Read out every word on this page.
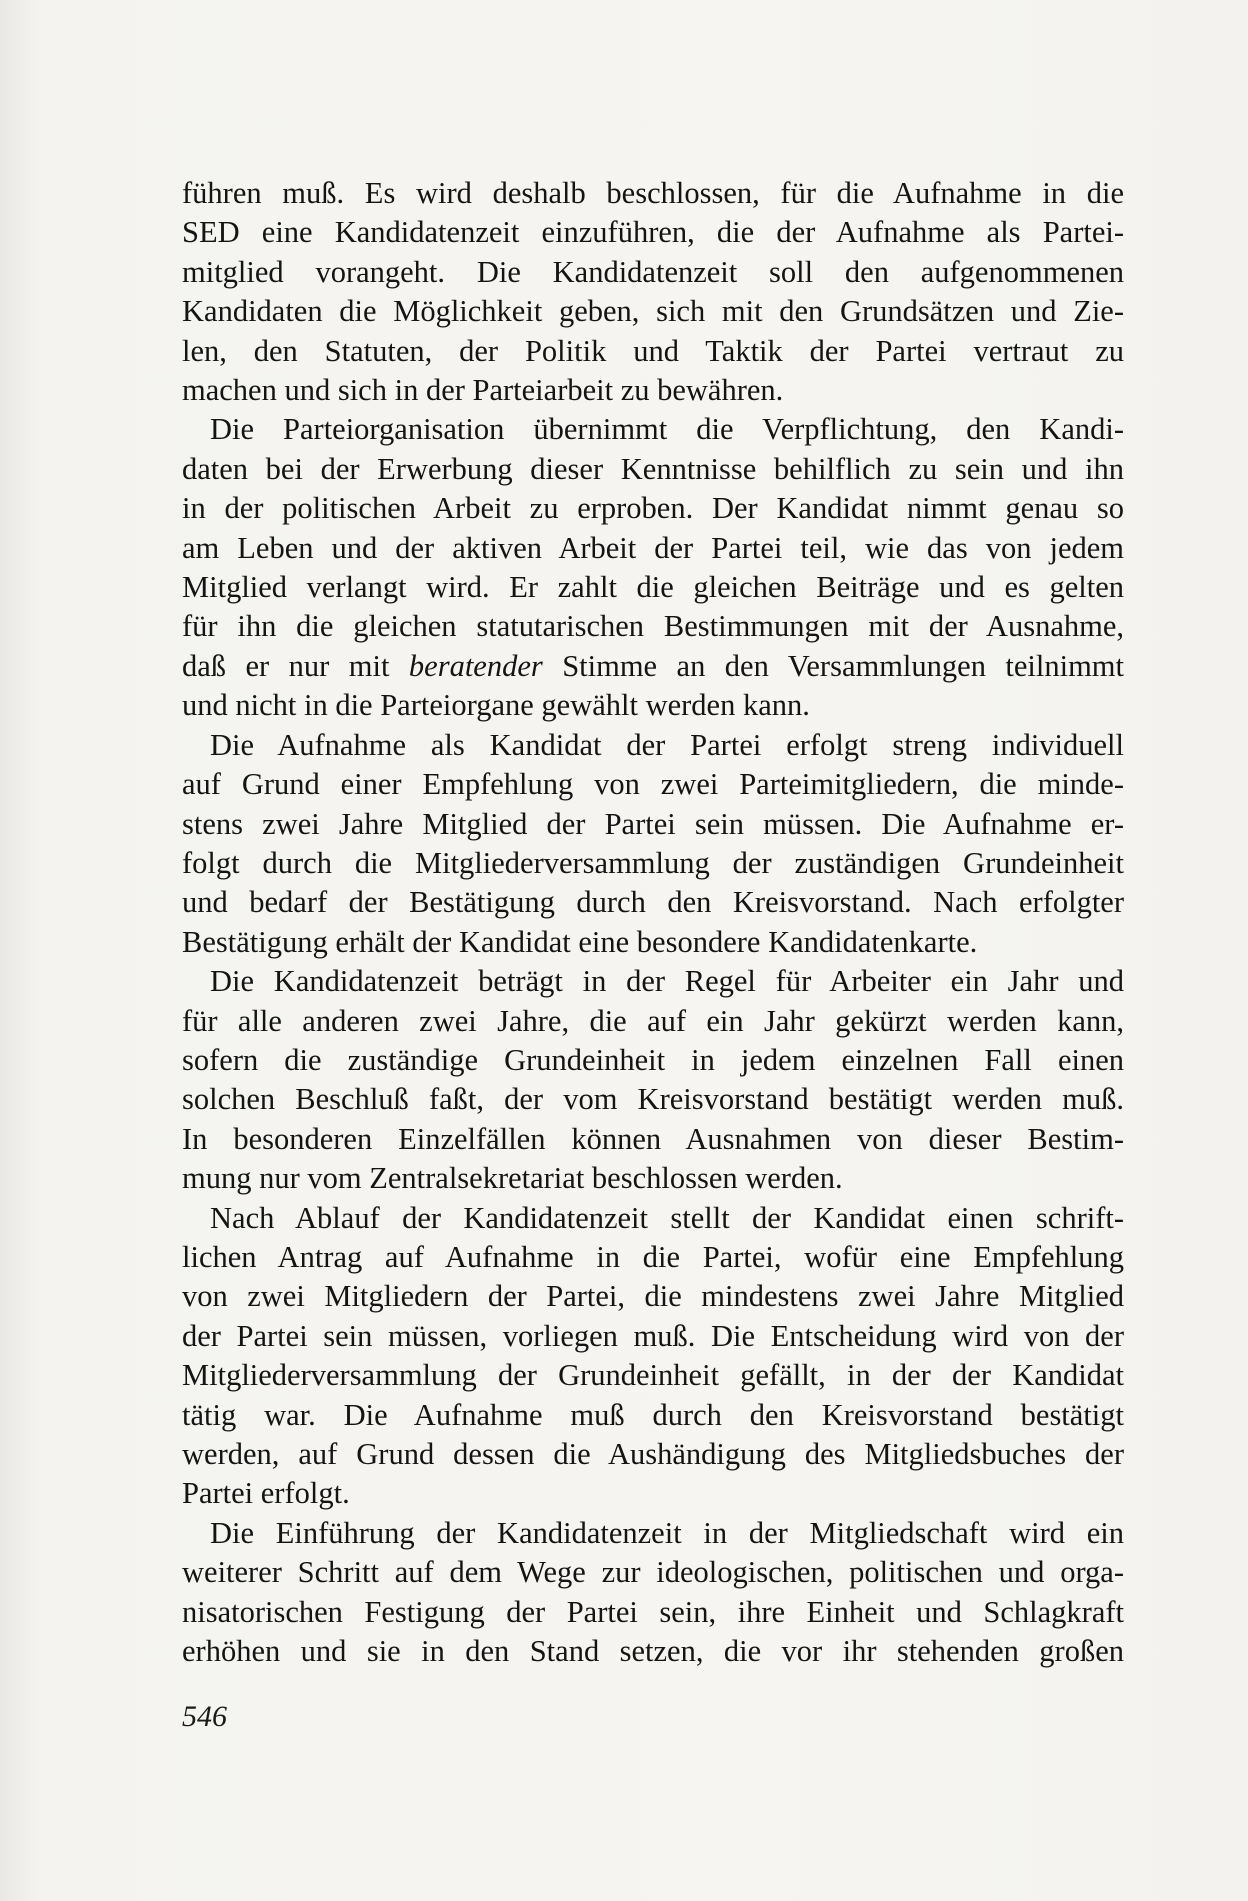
führen muß. Es wird deshalb beschlossen, für die Aufnahme in die
SED eine Kandidatenzeit einzuführen, die der Aufnahme als Partei-
mitglied vorangeht. Die Kandidatenzeit soll den aufgenommenen
Kandidaten die Möglichkeit geben, sich mit den Grundsätzen und Zie-
len, den Statuten, der Politik und Taktik der Partei vertraut zu
machen und sich in der Parteiarbeit zu bewähren.

Die Parteiorganisation übernimmt die Verpflichtung, den Kandi-
daten bei der Erwerbung dieser Kenntnisse behilflich zu sein und ihn
in der politischen Arbeit zu erproben. Der Kandidat nimmt genau so
am Leben und der aktiven Arbeit der Partei teil, wie das von jedem
Mitglied verlangt wird. Er zahlt die gleichen Beiträge und es gelten
für ihn die gleichen statutarischen Bestimmungen mit der Ausnahme,
daß er nur mit beratender Stimme an den Versammlungen teilnimmt
und nicht in die Parteiorgane gewählt werden kann.

Die Aufnahme als Kandidat der Partei erfolgt streng individuell
auf Grund einer Empfehlung von zwei Parteimitgliedern, die minde-
stens zwei Jahre Mitglied der Partei sein müssen. Die Aufnahme er-
folgt durch die Mitgliederversammlung der zuständigen Grundeinheit
und bedarf der Bestätigung durch den Kreisvorstand. Nach erfolgter
Bestätigung erhält der Kandidat eine besondere Kandidatenkarte.

Die Kandidatenzeit beträgt in der Regel für Arbeiter ein Jahr und
für alle anderen zwei Jahre, die auf ein Jahr gekürzt werden kann,
sofern die zuständige Grundeinheit in jedem einzelnen Fall einen
solchen Beschluß faßt, der vom Kreisvorstand bestätigt werden muß.
In besonderen Einzelfällen können Ausnahmen von dieser Bestim-
mung nur vom Zentralsekretariat beschlossen werden.

Nach Ablauf der Kandidatenzeit stellt der Kandidat einen schrift-
lichen Antrag auf Aufnahme in die Partei, wofür eine Empfehlung
von zwei Mitgliedern der Partei, die mindestens zwei Jahre Mitglied
der Partei sein müssen, vorliegen muß. Die Entscheidung wird von der
Mitgliederversammlung der Grundeinheit gefällt, in der der Kandidat
tätig war. Die Aufnahme muß durch den Kreisvorstand bestätigt
werden, auf Grund dessen die Aushändigung des Mitgliedsbuches der
Partei erfolgt.

Die Einführung der Kandidatenzeit in der Mitgliedschaft wird ein
weiterer Schritt auf dem Wege zur ideologischen, politischen und orga-
nisatorischen Festigung der Partei sein, ihre Einheit und Schlagkraft
erhöhen und sie in den Stand setzen, die vor ihr stehenden großen

546
